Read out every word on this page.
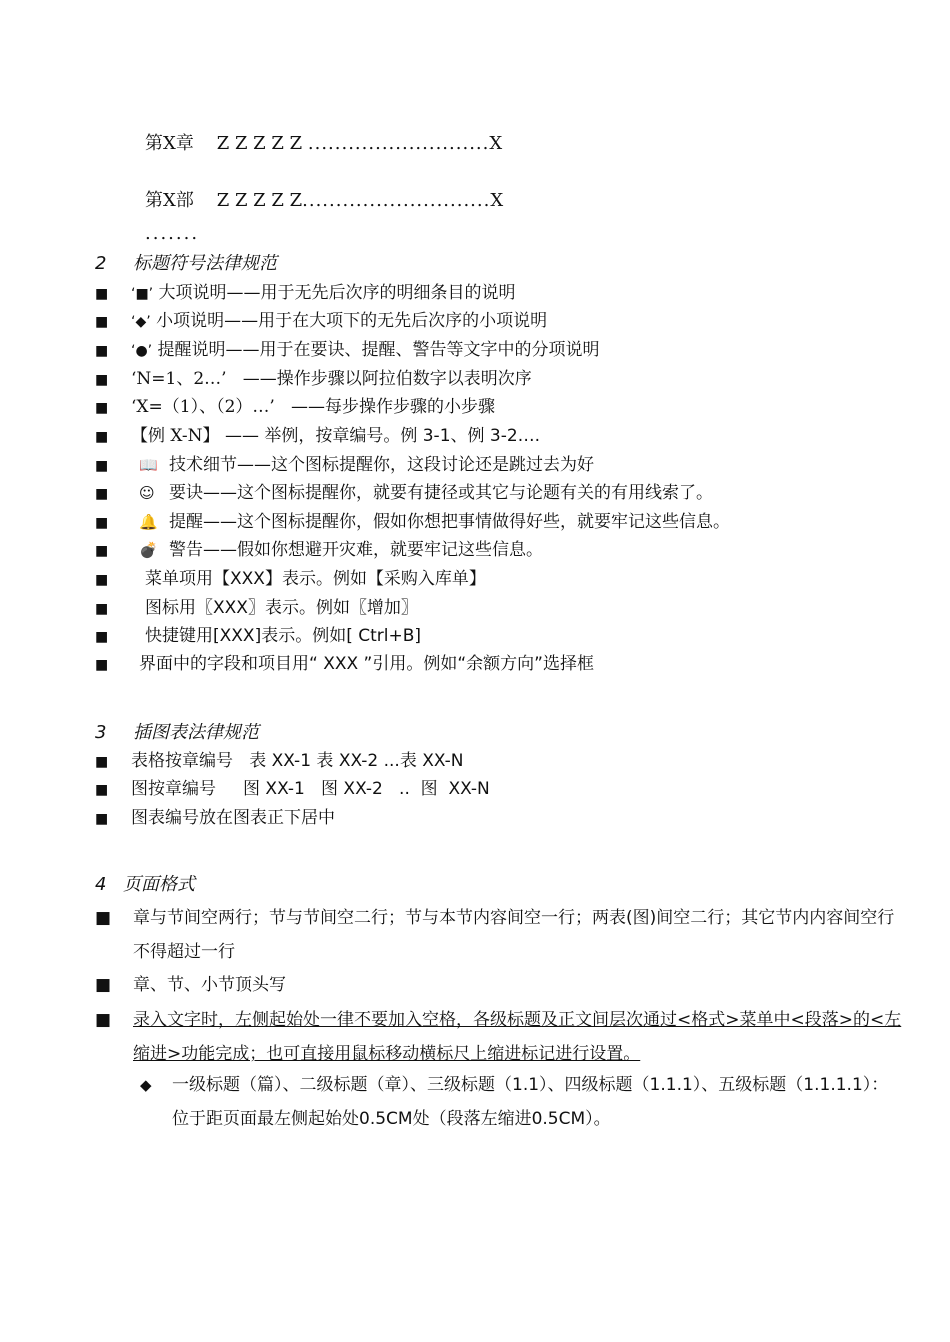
第X章 Z Z Z Z Z ...........................X
第X部 Z Z Z Z Z............................X
.......
2 标题符号法律规范
■ ‘■’ 大项说明——用于无先后次序的明细条目的说明
■ ‘◆’ 小项说明——用于在大项下的无先后次序的小项说明
■ ‘●’ 提醒说明——用于在要诀、提醒、警告等文字中的分项说明
■ ‘N=1、2…’ ——操作步骤以阿拉伯数字以表明次序
■ ‘X=（1）、（2）…’ ——每步操作步骤的小步骤
■ 【例 X-N】 —— 举例，按章编号。例 3-1、例 3-2….
■ 📖 技术细节——这个图标提醒你，这段讨论还是跳过去为好
■ ☺ 要诀——这个图标提醒你，就要有捷径或其它与论题有关的有用线索了。
■ 🔔 提醒——这个图标提醒你，假如你想把事情做得好些，就要牢记这些信息。
■ 💣 警告——假如你想避开灾难，就要牢记这些信息。
■ 菜单项用【XXX】表示。例如【采购入库单】
■ 图标用〖XXX〗表示。例如〖增加〗
■ 快捷键用[XXX]表示。例如[ Ctrl+B]
■ 界面中的字段和项目用“ XXX ”引用。例如“余额方向”选择框
3 插图表法律规范
■ 表格按章编号   表 XX-1 表 XX-2 ...表 XX-N
■ 图按章编号     图 XX-1   图 XX-2   ..  图  XX-N
■ 图表编号放在图表正下居中
4 页面格式
■ 章与节间空两行；节与节间空二行；节与本节内容间空一行；两表(图)间空二行；其它节内内容间空行不得超过一行
■ 章、节、小节顶头写
■ 录入文字时，左侧起始处一律不要加入空格，各级标题及正文间层次通过<格式>菜单中<段落>的<左缩进>功能完成；也可直接用鼠标移动横标尺上缩进标记进行设置。
◆ 一级标题（篇）、二级标题（章）、三级标题（1.1）、四级标题（1.1.1）、五级标题（1.1.1.1）：位于距页面最左侧起始处0.5CM处（段落左缩进0.5CM）。
